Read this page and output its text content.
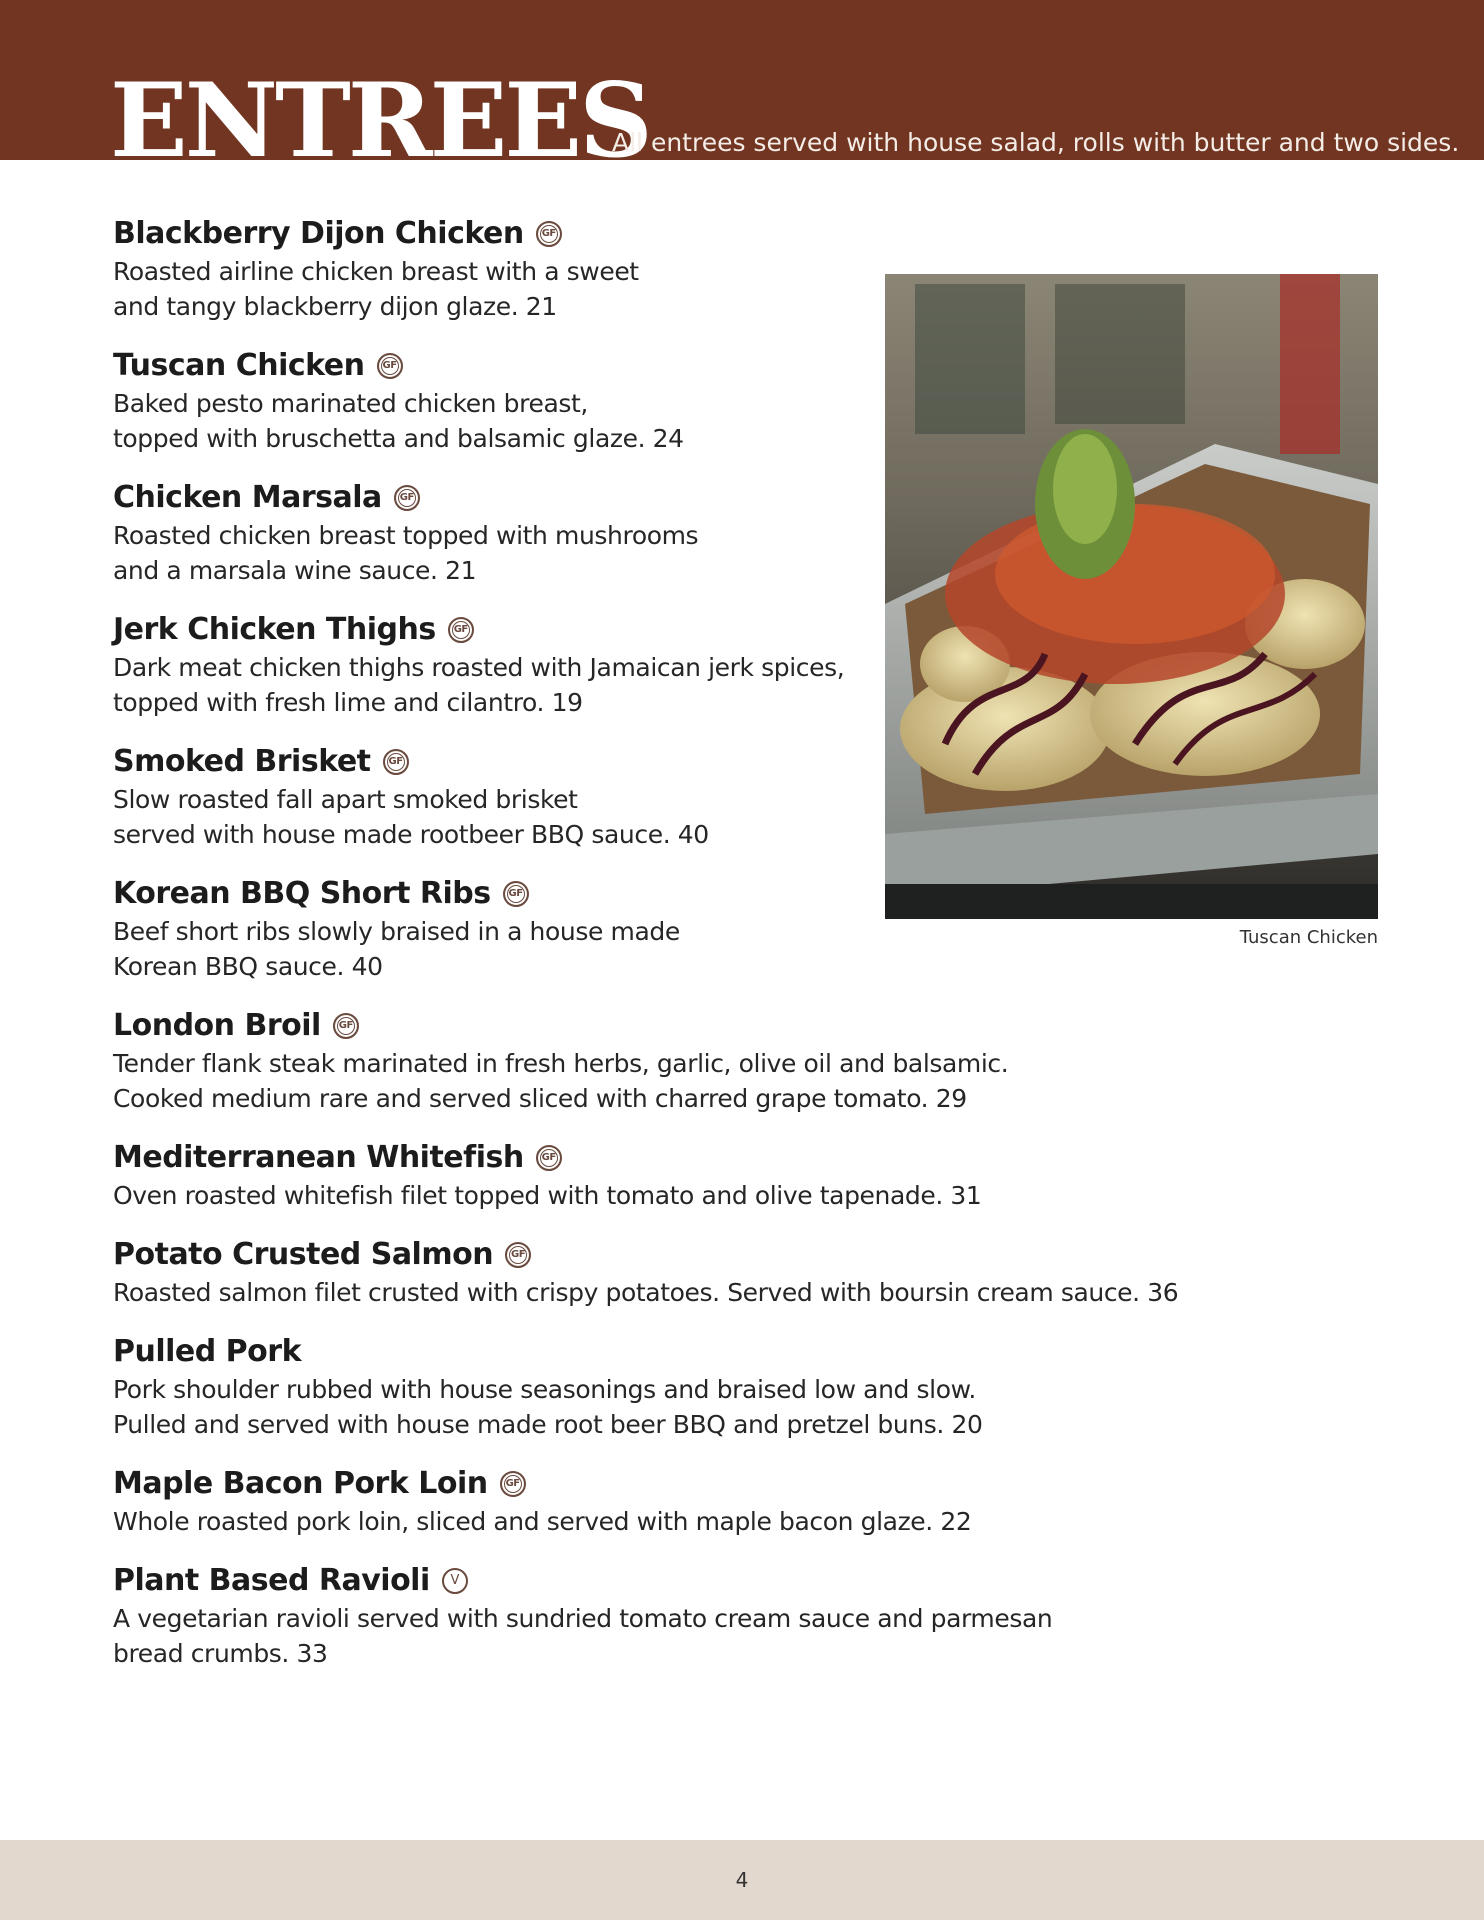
ENTREES
All entrees served with house salad, rolls with butter and two sides.
Blackberry Dijon Chicken	GF
Roasted airline chicken breast with a sweet
and tangy blackberry dijon glaze. 21
Tuscan Chicken	GF
Baked pesto marinated chicken breast,
topped with bruschetta and balsamic glaze. 24
Chicken Marsala	GF
Roasted chicken breast topped with mushrooms
and a marsala wine sauce. 21
Jerk Chicken Thighs	GF
Dark meat chicken thighs roasted with Jamaican jerk spices,
topped with fresh lime and cilantro. 19
Smoked Brisket	GF
Slow roasted fall apart smoked brisket
served with house made rootbeer BBQ sauce. 40
Korean BBQ Short Ribs	GF
Beef short ribs slowly braised in a house made
Korean BBQ sauce. 40
London Broil	GF
Tender flank steak marinated in fresh herbs, garlic, olive oil and balsamic.
Cooked medium rare and served sliced with charred grape tomato. 29
Mediterranean Whitefish	GF
Oven roasted whitefish filet topped with tomato and olive tapenade. 31
Potato Crusted Salmon	GF
Roasted salmon filet crusted with crispy potatoes. Served with boursin cream sauce. 36
Pulled Pork
Pork shoulder rubbed with house seasonings and braised low and slow.
Pulled and served with house made root beer BBQ and pretzel buns. 20
Maple Bacon Pork Loin	GF
Whole roasted pork loin, sliced and served with maple bacon glaze. 22
Plant Based Ravioli	V
A vegetarian ravioli served with sundried tomato cream sauce and parmesan
bread crumbs. 33
Tuscan Chicken
4
